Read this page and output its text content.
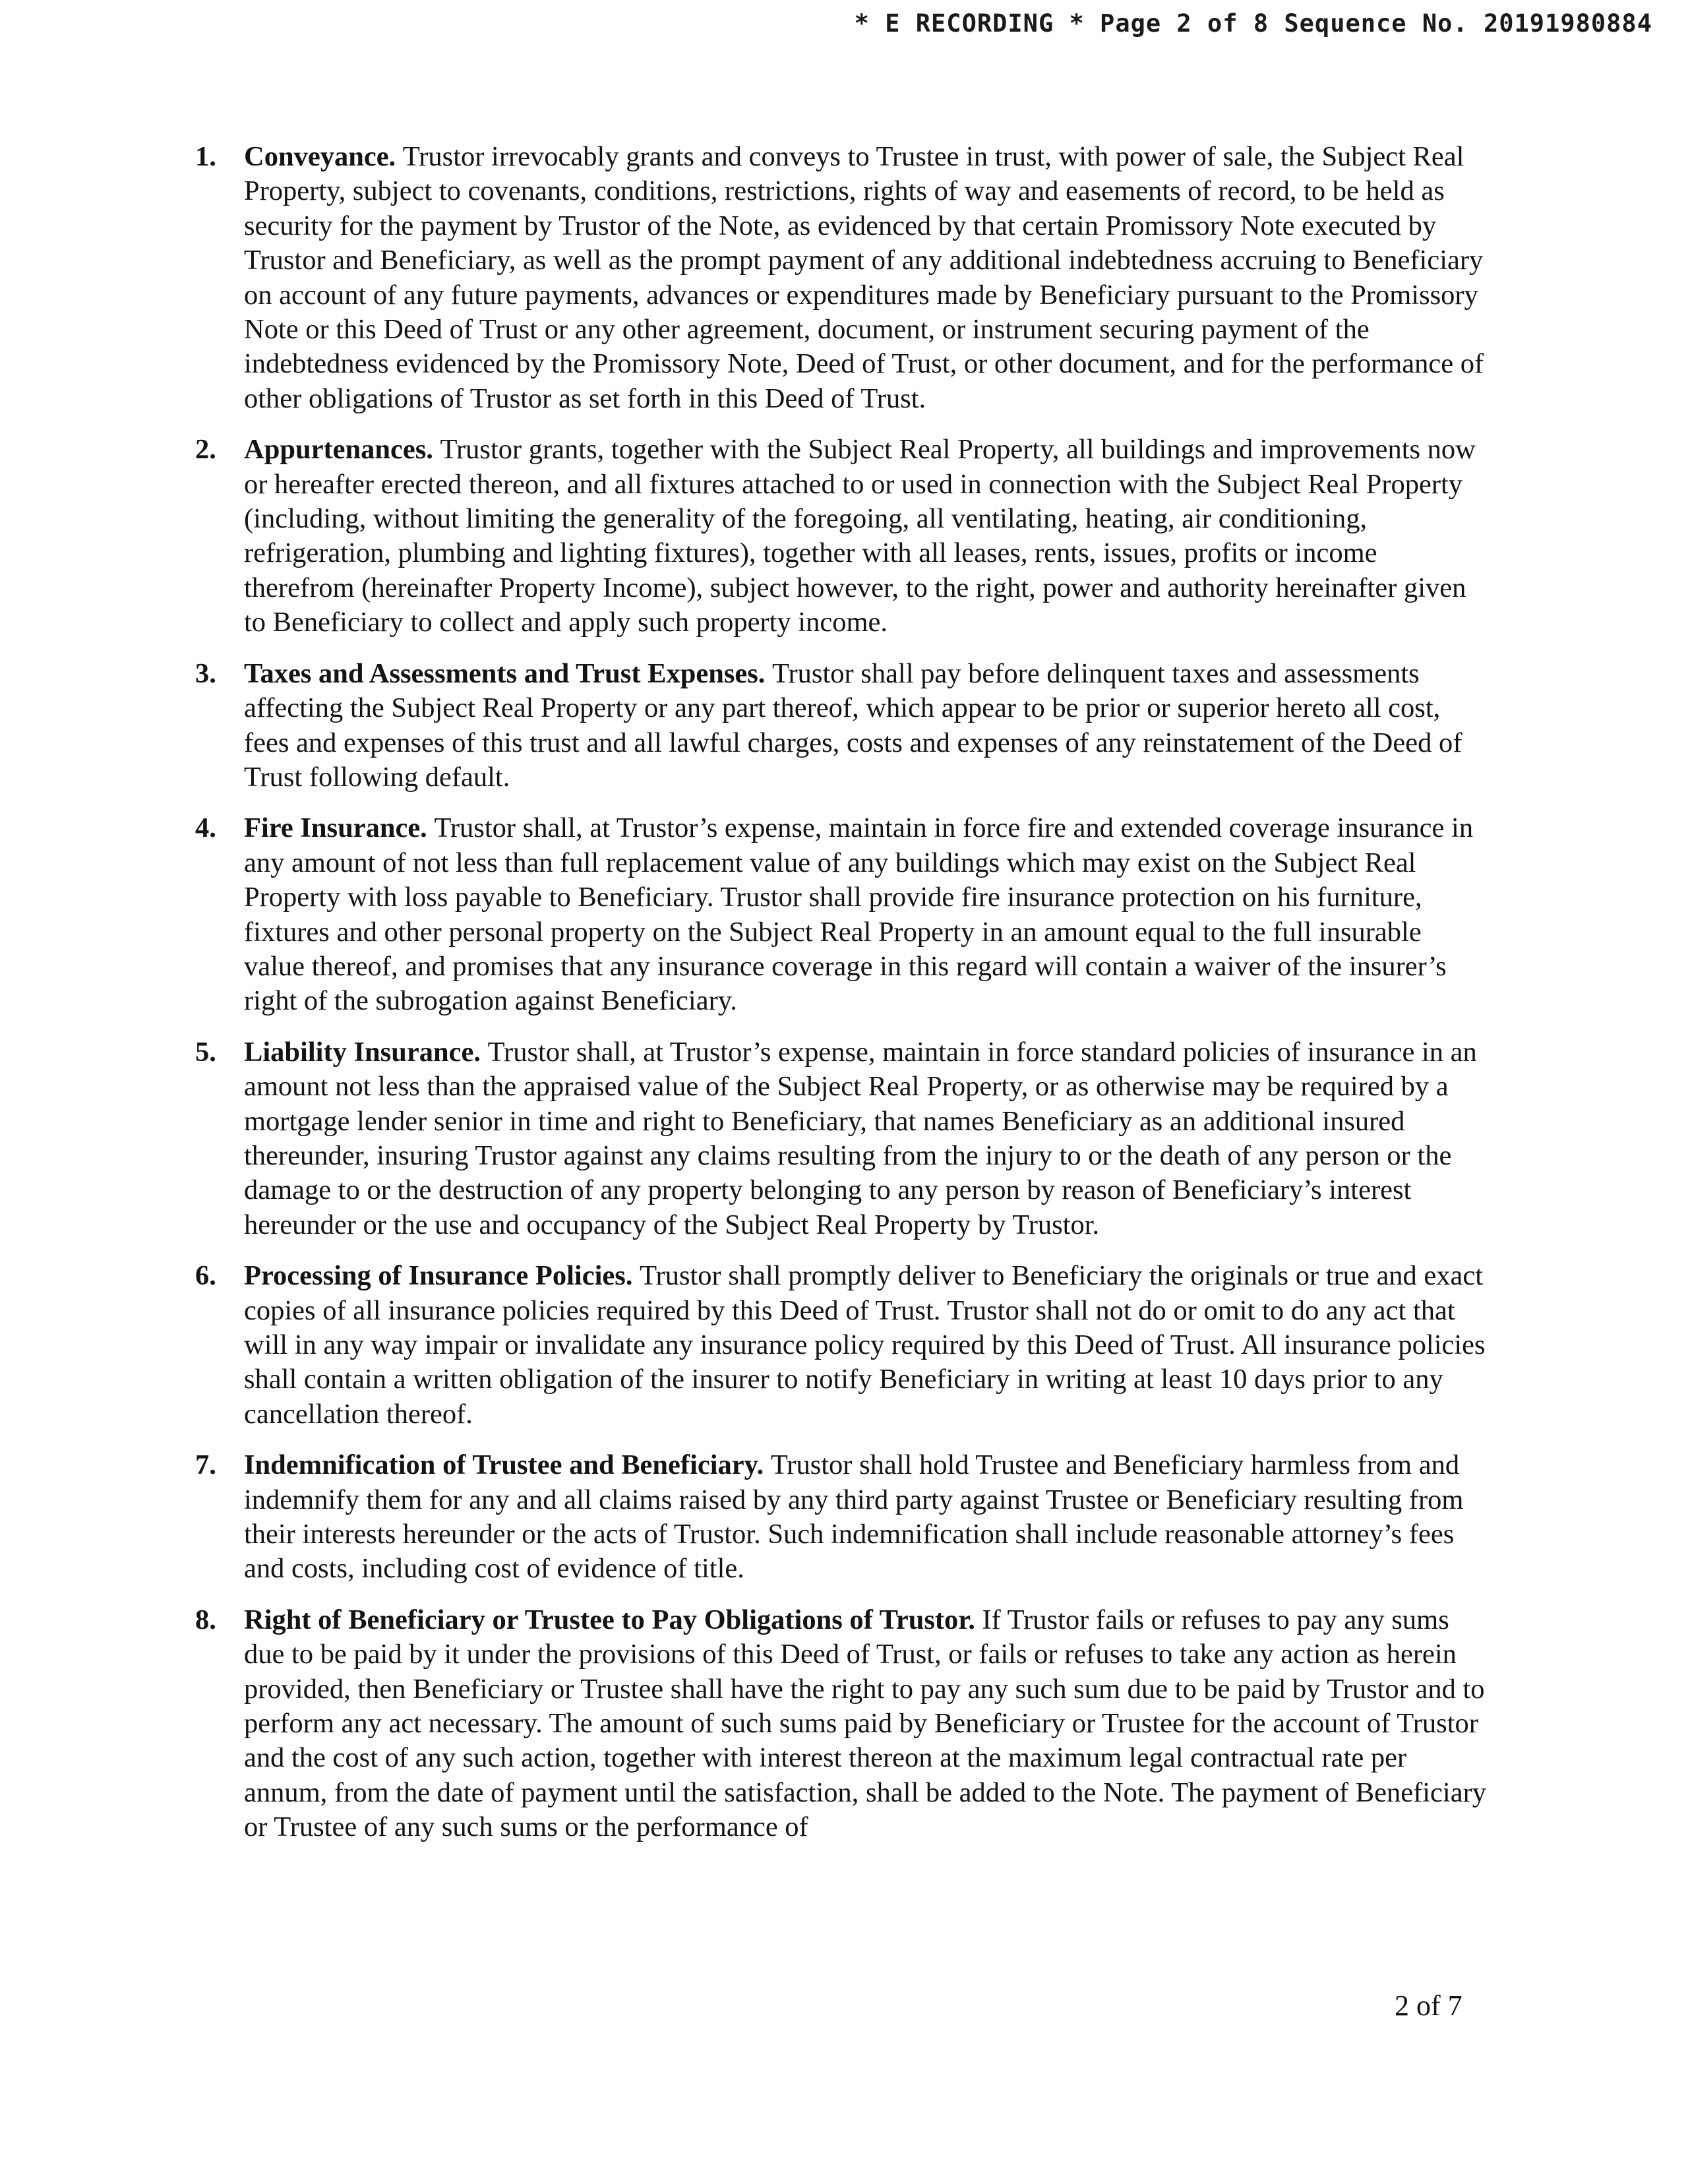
* E RECORDING * Page 2 of 8 Sequence No. 20191980884
1. Conveyance. Trustor irrevocably grants and conveys to Trustee in trust, with power of sale, the Subject Real Property, subject to covenants, conditions, restrictions, rights of way and easements of record, to be held as security for the payment by Trustor of the Note, as evidenced by that certain Promissory Note executed by Trustor and Beneficiary, as well as the prompt payment of any additional indebtedness accruing to Beneficiary on account of any future payments, advances or expenditures made by Beneficiary pursuant to the Promissory Note or this Deed of Trust or any other agreement, document, or instrument securing payment of the indebtedness evidenced by the Promissory Note, Deed of Trust, or other document, and for the performance of other obligations of Trustor as set forth in this Deed of Trust.
2. Appurtenances. Trustor grants, together with the Subject Real Property, all buildings and improvements now or hereafter erected thereon, and all fixtures attached to or used in connection with the Subject Real Property (including, without limiting the generality of the foregoing, all ventilating, heating, air conditioning, refrigeration, plumbing and lighting fixtures), together with all leases, rents, issues, profits or income therefrom (hereinafter Property Income), subject however, to the right, power and authority hereinafter given to Beneficiary to collect and apply such property income.
3. Taxes and Assessments and Trust Expenses. Trustor shall pay before delinquent taxes and assessments affecting the Subject Real Property or any part thereof, which appear to be prior or superior hereto all cost, fees and expenses of this trust and all lawful charges, costs and expenses of any reinstatement of the Deed of Trust following default.
4. Fire Insurance. Trustor shall, at Trustor’s expense, maintain in force fire and extended coverage insurance in any amount of not less than full replacement value of any buildings which may exist on the Subject Real Property with loss payable to Beneficiary. Trustor shall provide fire insurance protection on his furniture, fixtures and other personal property on the Subject Real Property in an amount equal to the full insurable value thereof, and promises that any insurance coverage in this regard will contain a waiver of the insurer’s right of the subrogation against Beneficiary.
5. Liability Insurance. Trustor shall, at Trustor’s expense, maintain in force standard policies of insurance in an amount not less than the appraised value of the Subject Real Property, or as otherwise may be required by a mortgage lender senior in time and right to Beneficiary, that names Beneficiary as an additional insured thereunder, insuring Trustor against any claims resulting from the injury to or the death of any person or the damage to or the destruction of any property belonging to any person by reason of Beneficiary’s interest hereunder or the use and occupancy of the Subject Real Property by Trustor.
6. Processing of Insurance Policies. Trustor shall promptly deliver to Beneficiary the originals or true and exact copies of all insurance policies required by this Deed of Trust. Trustor shall not do or omit to do any act that will in any way impair or invalidate any insurance policy required by this Deed of Trust. All insurance policies shall contain a written obligation of the insurer to notify Beneficiary in writing at least 10 days prior to any cancellation thereof.
7. Indemnification of Trustee and Beneficiary. Trustor shall hold Trustee and Beneficiary harmless from and indemnify them for any and all claims raised by any third party against Trustee or Beneficiary resulting from their interests hereunder or the acts of Trustor. Such indemnification shall include reasonable attorney’s fees and costs, including cost of evidence of title.
8. Right of Beneficiary or Trustee to Pay Obligations of Trustor. If Trustor fails or refuses to pay any sums due to be paid by it under the provisions of this Deed of Trust, or fails or refuses to take any action as herein provided, then Beneficiary or Trustee shall have the right to pay any such sum due to be paid by Trustor and to perform any act necessary. The amount of such sums paid by Beneficiary or Trustee for the account of Trustor and the cost of any such action, together with interest thereon at the maximum legal contractual rate per annum, from the date of payment until the satisfaction, shall be added to the Note. The payment of Beneficiary or Trustee of any such sums or the performance of
2 of 7
